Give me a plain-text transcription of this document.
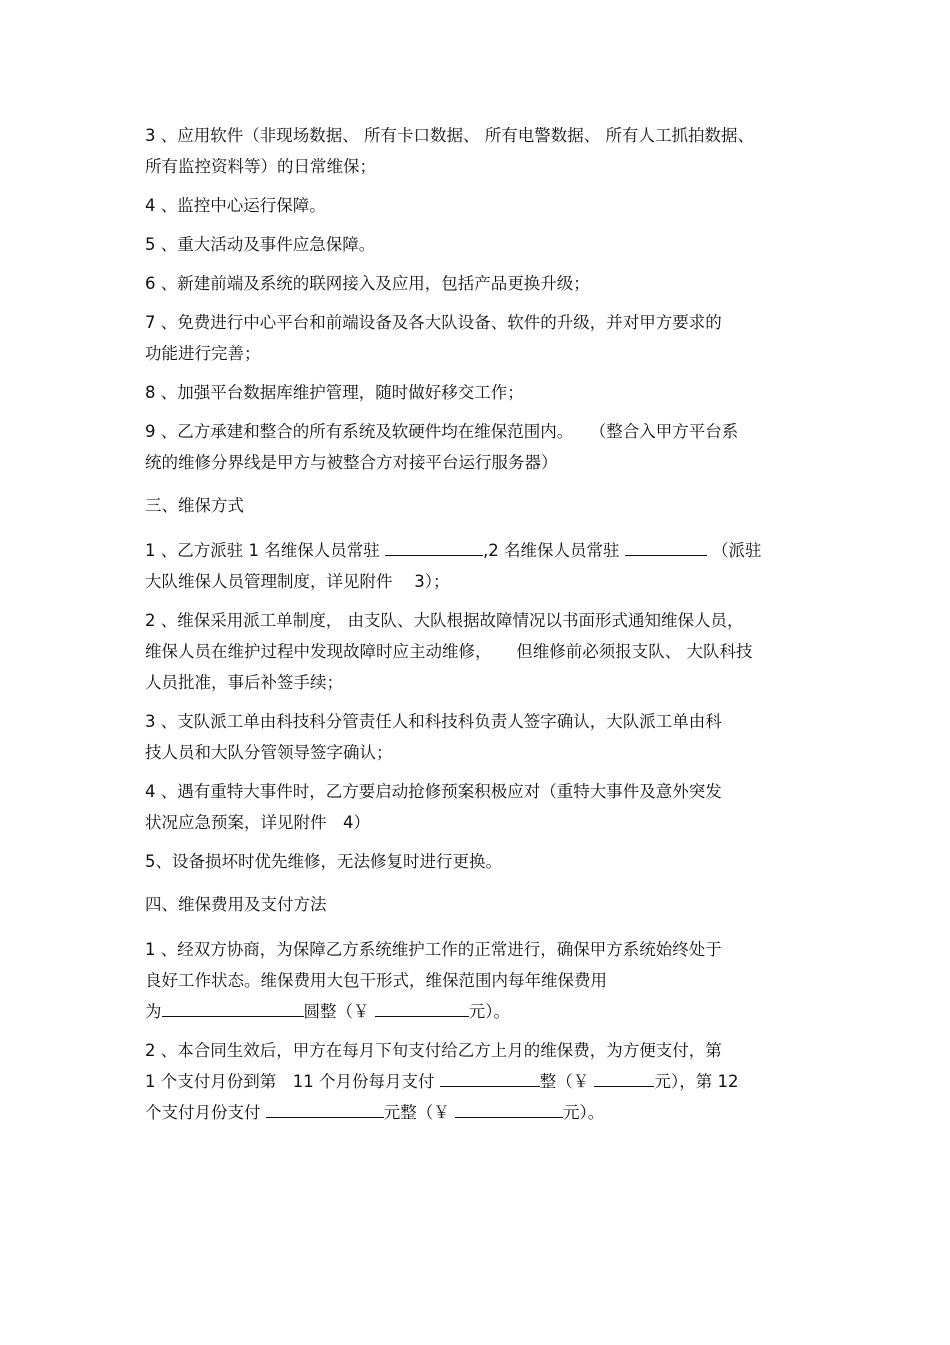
3 、应用软件（非现场数据、 所有卡口数据、 所有电警数据、 所有人工抓拍数据、
所有监控资料等）的日常维保；
4 、监控中心运行保障。
5 、重大活动及事件应急保障。
6 、新建前端及系统的联网接入及应用，包括产品更换升级；
7 、免费进行中心平台和前端设备及各大队设备、软件的升级，并对甲方要求的
功能进行完善；
8 、加强平台数据库维护管理，随时做好移交工作；
9 、乙方承建和整合的所有系统及软硬件均在维保范围内。　　（整合入甲方平台系
统的维修分界线是甲方与被整合方对接平台运行服务器）
三、维保方式
1 、乙方派驻 1 名维保人员常驻	,2 名维保人员常驻	（派驻
大队维保人员管理制度，详见附件　 3）；
2 、维保采用派工单制度， 由支队、大队根据故障情况以书面形式通知维保人员，
维保人员在维护过程中发现故障时应主动维修，　　但维修前必须报支队、 大队科技
人员批准，事后补签手续；
3 、支队派工单由科技科分管责任人和科技科负责人签字确认，大队派工单由科
技人员和大队分管领导签字确认；
4 、遇有重特大事件时，乙方要启动抢修预案积极应对（重特大事件及意外突发
状况应急预案，详见附件　4）
5、设备损坏时优先维修，无法修复时进行更换。
四、维保费用及支付方法
1 、经双方协商，为保障乙方系统维护工作的正常进行，确保甲方系统始终处于
良好工作状态。维保费用大包干形式，维保范围内每年维保费用
为	圆整（￥	元）。
2 、本合同生效后，甲方在每月下旬支付给乙方上月的维保费，为方便支付，第
1 个支付月份到第　11 个月份每月支付	整（￥	元），第 12
个支付月份支付	元整（￥	元）。
